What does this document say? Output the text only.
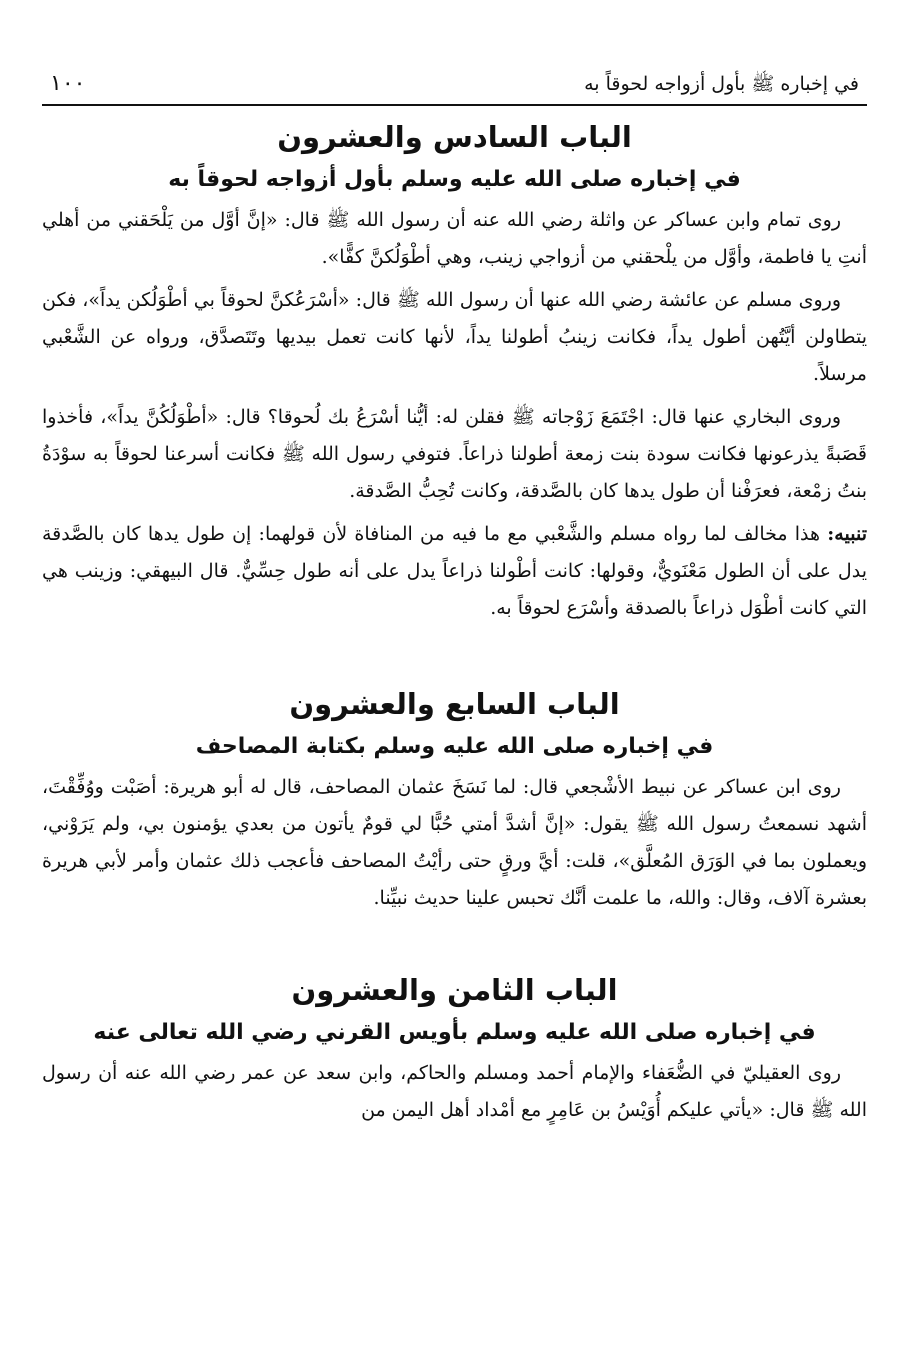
في إخباره ﷺ بأول أزواجه لحوقاً به
١٠٠
الباب السادس والعشرون
في إخباره صلى الله عليه وسلم بأول أزواجه لحوقاً به

روى تمام وابن عساكر عن واثلة رضي الله عنه أن رسول الله ﷺ قال: «إنَّ أوَّل من يَلْحَقني من أهلي أنتِ يا فاطمة، وأوَّل من يلْحقني من أزواجي زينب، وهي أطْوَلُكنَّ كفًّا».

وروى مسلم عن عائشة رضي الله عنها أن رسول الله ﷺ قال: «أسْرَعُكنَّ لحوقاً بي أطْوَلُكن يداً»، فكن يتطاولن أيَّتُهن أطول يداً، فكانت زينبُ أطولنا يداً، لأنها كانت تعمل بيديها وتَتَصدَّق، ورواه عن الشَّعْبي مرسلاً.

وروى البخاري عنها قال: اجْتَمَعَ زَوْجاته ﷺ فقلن له: أيُّنا أسْرَعُ بك لُحوقا؟ قال: «أطْوَلُكُنَّ يداً»، فأخذوا قَصَبةً يذرعونها فكانت سودة بنت زمعة أطولنا ذراعاً. فتوفي رسول الله ﷺ فكانت أسرعنا لحوقاً به سوْدَةُ بنتُ زمْعة، فعرَفْنا أن طول يدها كان بالصَّدقة، وكانت تُحِبُّ الصَّدقة.

تنبيه: هذا مخالف لما رواه مسلم والشَّعْبي مع ما فيه من المنافاة لأن قولهما: إن طول يدها كان بالصَّدقة يدل على أن الطول مَعْنَويٌّ، وقولها: كانت أطْولنا ذراعاً يدل على أنه طول حِسِّيٌّ. قال البيهقي: وزينب هي التي كانت أطْوَل ذراعاً بالصدقة وأسْرَع لحوقاً به.

الباب السابع والعشرون
في إخباره صلى الله عليه وسلم بكتابة المصاحف

روى ابن عساكر عن نبيط الأشْجعي قال: لما نَسَخَ عثمان المصاحف، قال له أبو هريرة: أصَبْت ووُفِّقْتَ، أشهد نسمعتُ رسول الله ﷺ يقول: «إنَّ أشدَّ أمتي حُبًّا لي قومٌ يأتون من بعدي يؤمنون بي، ولم يَرَوْني، ويعملون بما في الوَرَق المُعلَّق»، قلت: أيَّ ورقٍ حتى رأيْتُ المصاحف فأعجب ذلك عثمان وأمر لأبي هريرة بعشرة آلاف، وقال: والله، ما علمت أنَّك تحبس علينا حديث نبيِّنا.

الباب الثامن والعشرون
في إخباره صلى الله عليه وسلم بأويس القرني رضي الله تعالى عنه

روى العقيليّ في الضُّعَفاء والإمام أحمد ومسلم والحاكم، وابن سعد عن عمر رضي الله عنه أن رسول الله ﷺ قال: «يأتي عليكم أُوَيْسُ بن عَامِرٍ مع أمْداد أهل اليمن من
